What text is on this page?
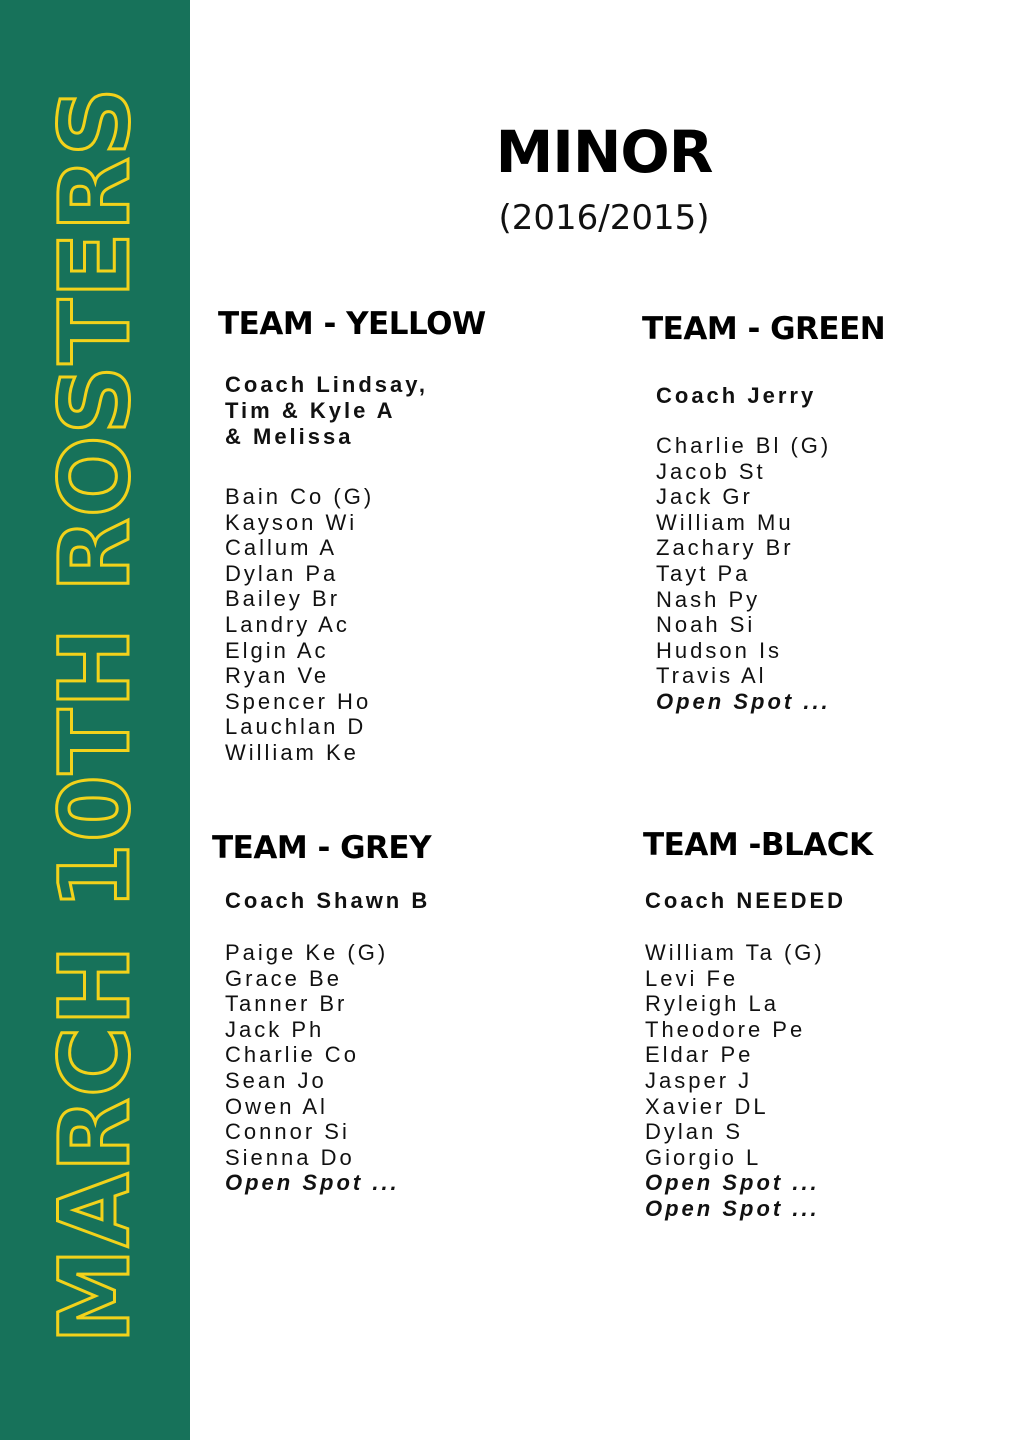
MARCH 10TH ROSTERS	MINOR
(2016/2015)
TEAM - YELLOW
Coach Lindsay,
Tim & Kyle A
& Melissa
Bain Co (G)
Kayson Wi
Callum A
Dylan Pa
Bailey Br
Landry Ac
Elgin Ac
Ryan Ve
Spencer Ho
Lauchlan D
William Ke
TEAM - GREEN
Coach Jerry
Charlie Bl (G)
Jacob St
Jack Gr
William Mu
Zachary Br
Tayt Pa
Nash Py
Noah Si
Hudson Is
Travis Al
Open Spot ...
TEAM - GREY
Coach Shawn B
Paige Ke (G)
Grace Be
Tanner Br
Jack Ph
Charlie Co
Sean Jo
Owen Al
Connor Si
Sienna Do
Open Spot ...
TEAM -BLACK
Coach NEEDED
William Ta (G)
Levi Fe
Ryleigh La
Theodore Pe
Eldar Pe
Jasper J
Xavier DL
Dylan S
Giorgio L
Open Spot ...
Open Spot ...
